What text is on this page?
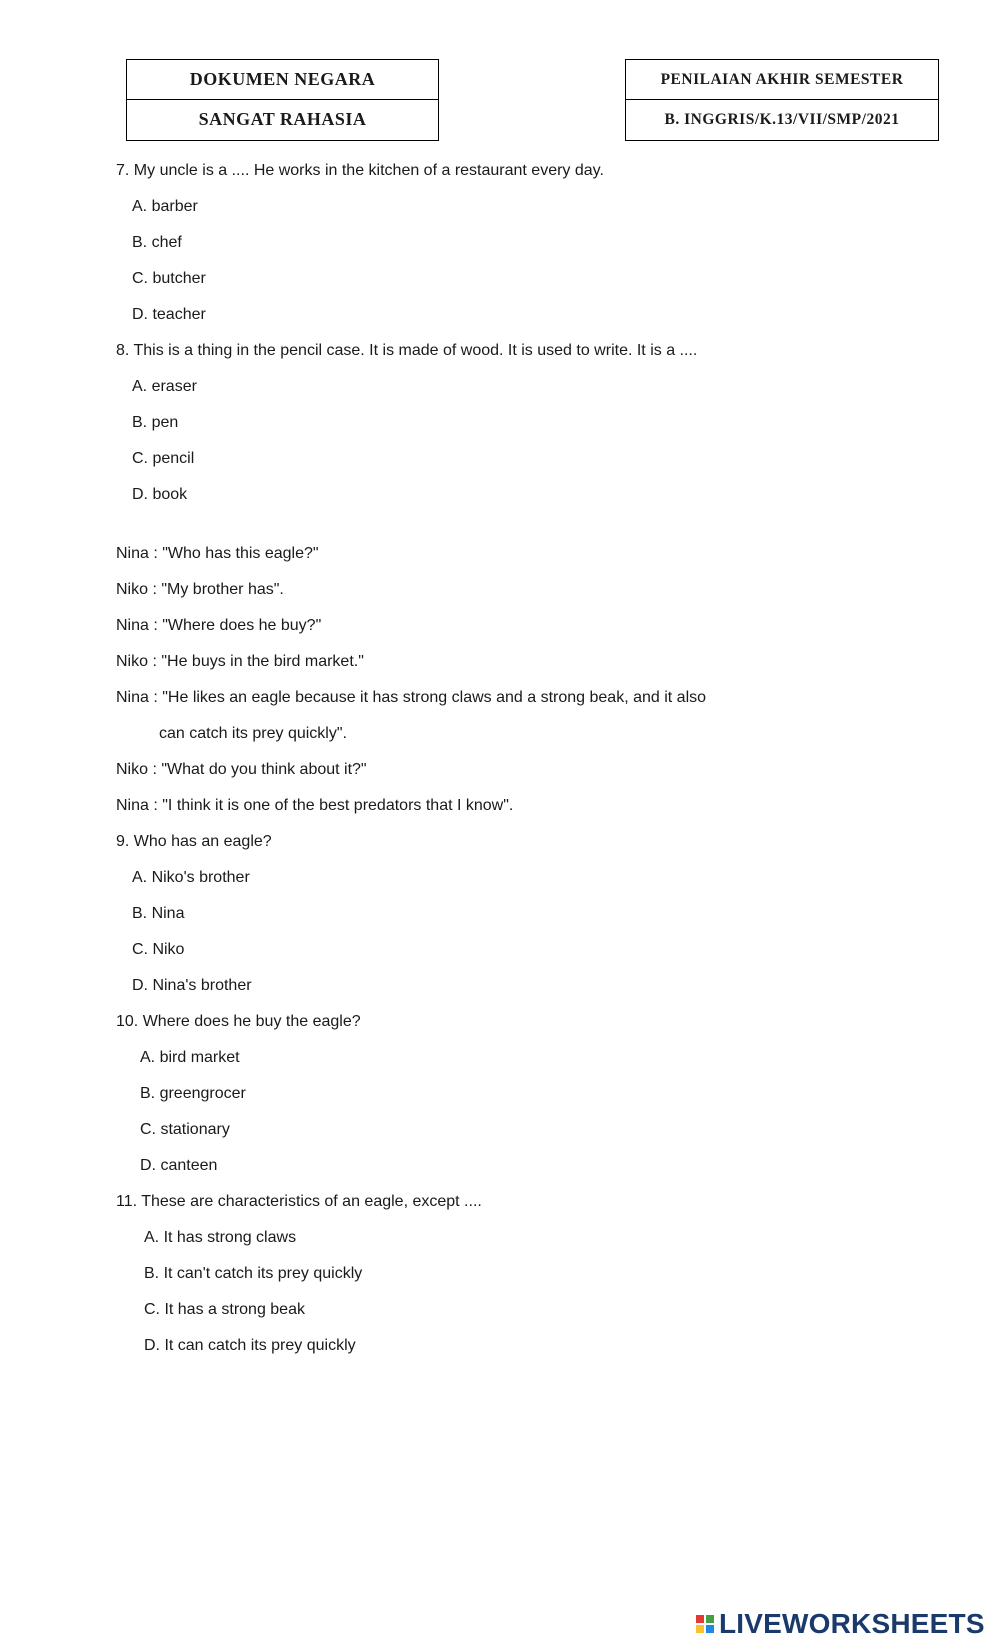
DOKUMEN NEGARA
SANGAT RAHASIA
PENILAIAN AKHIR SEMESTER
B. INGGRIS/K.13/VII/SMP/2021

7. My uncle is a .... He works in the kitchen of a restaurant every day.

A. barber

B. chef

C. butcher

D. teacher

8. This is a thing in the pencil case. It is made of wood. It is used to write. It is a ....

A. eraser

B. pen

C. pencil

D. book

Nina : "Who has this eagle?"

Niko : "My brother has".

Nina : "Where does he buy?"

Niko : "He buys in the bird market."

Nina : "He likes an eagle because it has strong claws and a strong beak, and it also

can catch its prey quickly".

Niko : "What do you think about it?"

Nina : "I think it is one of the best predators that I know".

9. Who has an eagle?

A. Niko's brother

B. Nina

C. Niko

D. Nina's brother

10. Where does he buy the eagle?

A. bird market

B. greengrocer

C. stationary

D. canteen

11. These are characteristics of an eagle, except ....

A. It has strong claws

B. It can't catch its prey quickly

C. It has a strong beak

D. It can catch its prey quickly

LIVEWORKSHEETS
